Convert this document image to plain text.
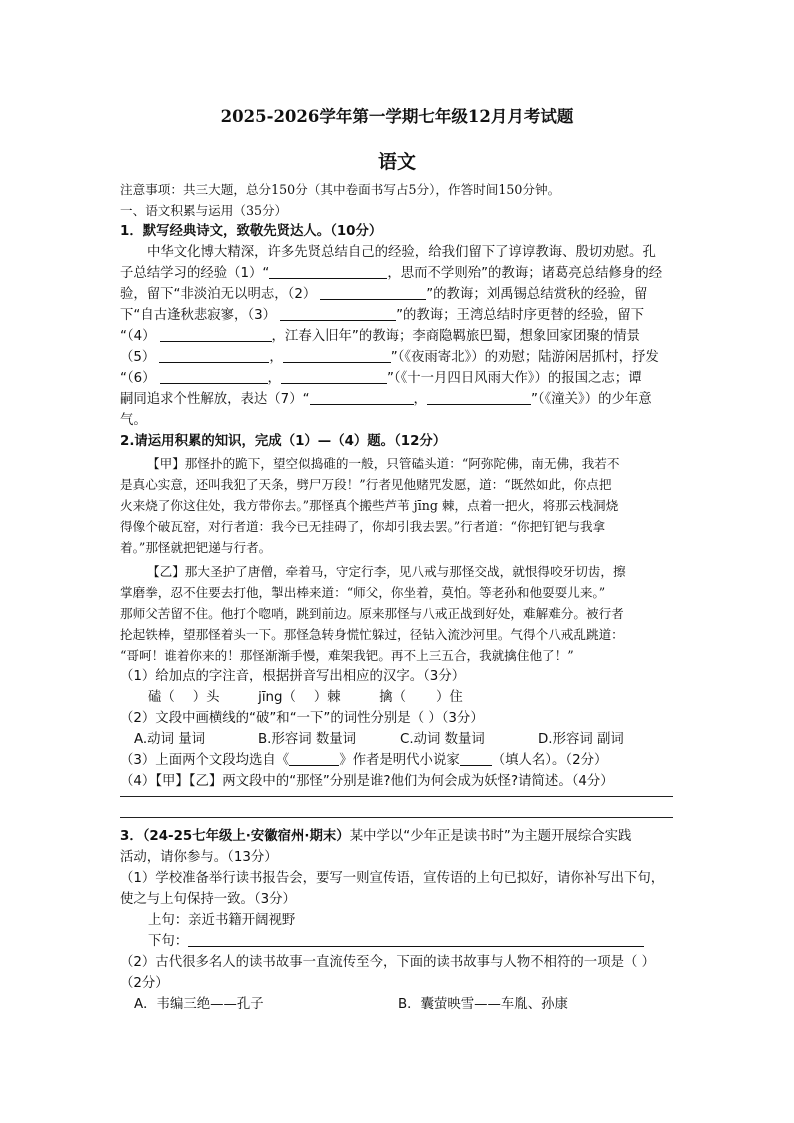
2025-2026学年第一学期七年级12月月考试题
语文
注意事项：共三大题，总分150分（其中卷面书写占5分），作答时间150分钟。
一、语文积累与运用（35分）
1．默写经典诗文，致敬先贤达人。（10分）
中华文化博大精深，许多先贤总结自己的经验，给我们留下了谆谆教诲、殷切劝慰。孔
子总结学习的经验（1）“	，思而不学则殆”的教诲；诸葛亮总结修身的经
验，留下“非淡泊无以明志，（2）	”的教诲；刘禹锡总结赏秋的经验，留
下“自古逢秋悲寂寥，（3）	”的教诲；王湾总结时序更替的经验，留下
“（4）	，江春入旧年”的教诲；李商隐羁旅巴蜀，想象回家团聚的情景
（5）	，	”（《夜雨寄北》）的劝慰；陆游闲居抓村，抒发
“（6）	，	”（《十一月四日风雨大作》）的报国之志；谭
嗣同追求个性解放，表达（7）“	，	”（《潼关》）的少年意
气。
2.请运用积累的知识，完成（1）—（4）题。（12分）
【甲】那怪扑的跪下，望空似捣碓的一般，只管磕头道：“阿弥陀佛，南无佛，我若不
是真心实意，还叫我犯了天条，劈尸万段！”行者见他赌咒发愿，道：“既然如此，你点把
火来烧了你这住处，我方带你去。”那怪真个搬些芦苇 jīng 棘，点着一把火，将那云栈洞烧
得像个破瓦窑，对行者道：我今已无挂碍了，你却引我去罢。”行者道：“你把钉钯与我拿
着。”那怪就把钯递与行者。
【乙】那大圣护了唐僧，牵着马，守定行李，见八戒与那怪交战，就恨得咬牙切齿，擦
掌磨拳，忍不住要去打他，掣出棒来道：“师父，你坐着，莫怕。等老孙和他耍耍儿来。”
那师父苦留不住。他打个唿哨，跳到前边。原来那怪与八戒正战到好处，难解难分。被行者
抡起铁棒，望那怪着头一下。那怪急转身慌忙躲过，径钻入流沙河里。气得个八戒乱跳道：
“哥呵！谁着你来的！那怪渐渐手慢，难架我钯。再不上三五合，我就擒住他了！”
（1）给加点的字注音，根据拼音写出相应的汉字。（3分）
磕（ ）头	jīng（ ）棘	擒（ ）住
（2）文段中画横线的“破”和“一下”的词性分别是（ ）（3分）
A.动词 量词	B.形容词 数量词	C.动词 数量词	D.形容词 副词
（3）上面两个文段均选自《	》作者是明代小说家 （填人名）。（2分）
（4）【甲】【乙】两文段中的“那怪”分别是谁?他们为何会成为妖怪?请简述。（4分）
3．（24-25七年级上·安徽宿州·期末）某中学以“少年正是读书时”为主题开展综合实践
活动，请你参与。（13分）
（1）学校准备举行读书报告会，要写一则宣传语，宣传语的上句已拟好，请你补写出下句，
使之与上句保持一致。（3分）
上句：亲近书籍开阔视野
下句：
（2）古代很多名人的读书故事一直流传至今，下面的读书故事与人物不相符的一项是（ ）
（2分）
A．韦编三绝——孔子	B．囊萤映雪——车胤、孙康
